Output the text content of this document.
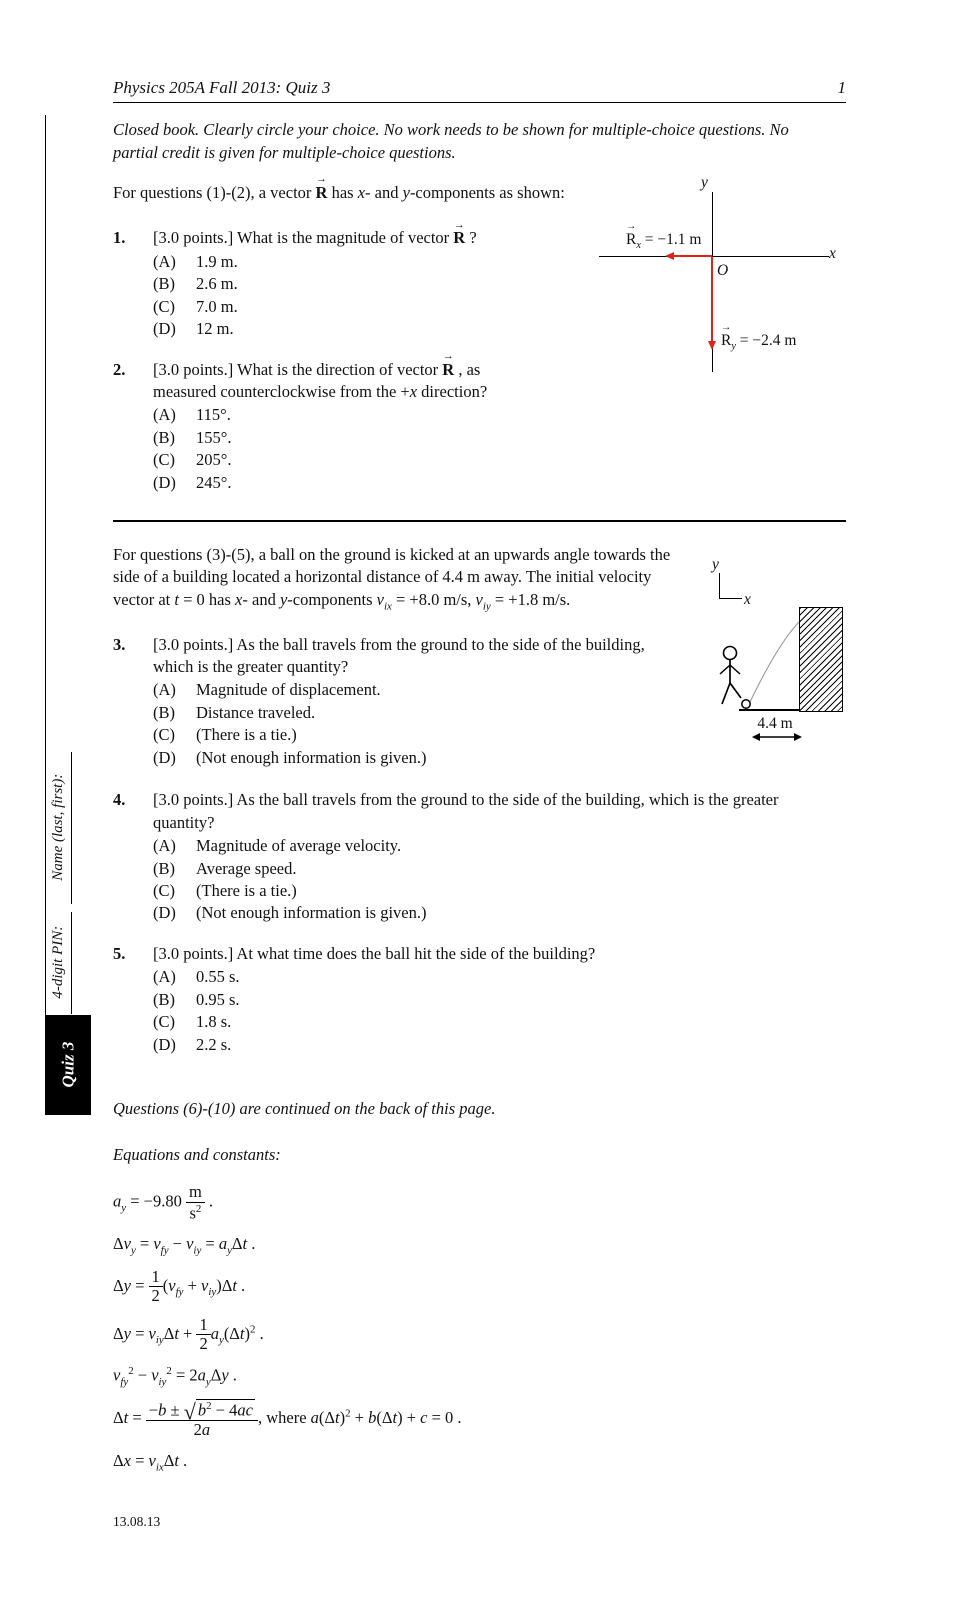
Name (last, first):
4-digit PIN:
Quiz 3
Physics 205A Fall 2013: Quiz 3	1

Closed book. Clearly circle your choice. No work needs to be shown for multiple-choice questions. No partial credit is given for multiple-choice questions.

For questions (1)-(2), a vector R
→
has x- and y-components as shown:

1. [3.0 points.] What is the magnitude of vector R
→
?
(A)	1.9 m.
(B)	2.6 m.
(C)	7.0 m.
(D)	12 m.
2. [3.0 points.] What is the direction of vector R
→
, as measured counterclockwise from the +x direction?
(A)	115°.
(B)	155°.
(C)	205°.
(D)	245°.

For questions (3)-(5), a ball on the ground is kicked at an upwards angle towards the side of a building located a horizontal distance of 4.4 m away. The initial velocity vector at t = 0 has x- and y-components $v_{ix} = +8.0$ m/s, $v_{iy} = +1.8$ m/s.

3. [3.0 points.] As the ball travels from the ground to the side of the building, which is the greater quantity?
(A)	Magnitude of displacement.
(B)	Distance traveled.
(C)	(There is a tie.)
(D)	(Not enough information is given.)
4. [3.0 points.] As the ball travels from the ground to the side of the building, which is the greater quantity?
(A)	Magnitude of average velocity.
(B)	Average speed.
(C)	(There is a tie.)
(D)	(Not enough information is given.)
5. [3.0 points.] At what time does the ball hit the side of the building?
(A)	0.55 s.
(B)	0.95 s.
(C)	1.8 s.
(D)	2.2 s.

Questions (6)-(10) are continued on the back of this page.

Equations and constants:

$a_y = -9.80 \frac{m}{s^2}$ .
$\Delta v_y = v_{fy} - v_{iy} = a_y\Delta t$ .
$\Delta y = \frac{1}{2} (v_{fy} + v_{iy})\Delta t$ .
$\Delta y = v_{iy}\Delta t + \frac{1}{2} a_y(\Delta t)^2$ .
$v_{fy}^2 - v_{iy}^2 = 2a_y\Delta y$ .
$\Delta t = \frac{-b \pm √ b^2 - 4ac}{2a}$ , where $a(\Delta t)^2 + b(\Delta t) + c = 0$ .
$\Delta x = v_{ix}\Delta t$ .
13.08.13
y
x
O
R
→
$_x$ = −1.1 m
R
→
$_y$ = −2.4 m
y
x
4.4 m
